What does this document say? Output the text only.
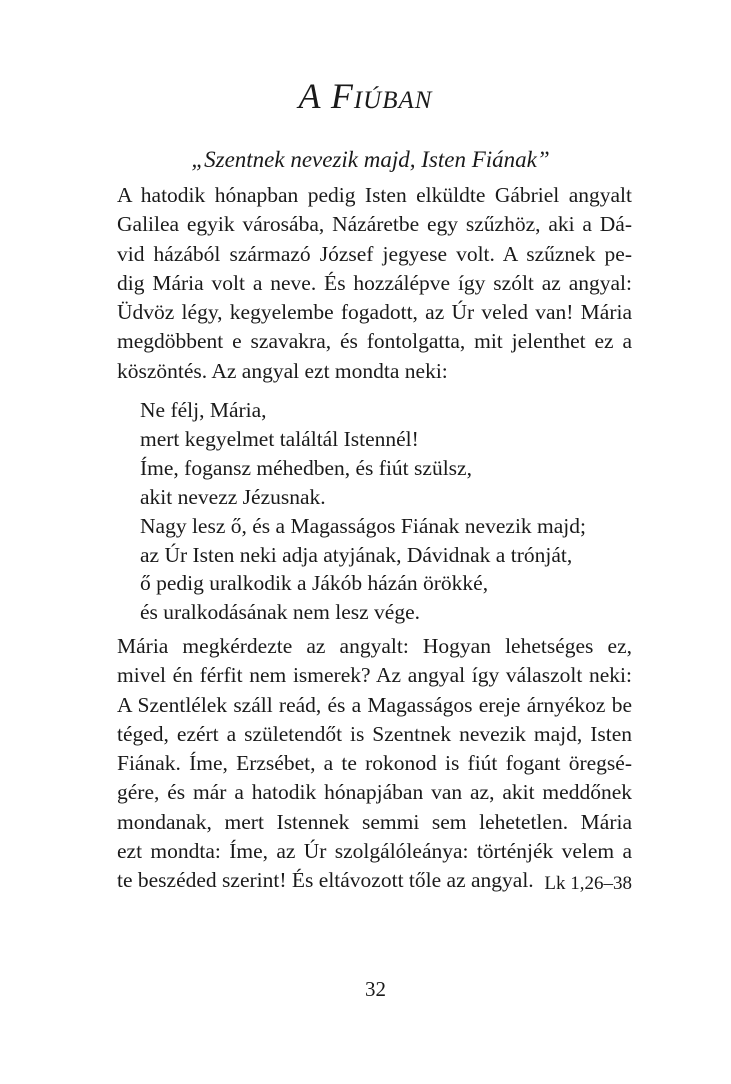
A Fiúban
„Szentnek nevezik majd, Isten Fiának”
A hatodik hónapban pedig Isten elküldte Gábriel angyalt
Galilea egyik városába, Názáretbe egy szűzhöz, aki a Dá-
vid házából származó József jegyese volt. A szűznek pe-
dig Mária volt a neve. És hozzálépve így szólt az angyal:
Üdvöz légy, kegyelembe fogadott, az Úr veled van! Mária
megdöbbent e szavakra, és fontolgatta, mit jelenthet ez a
köszöntés. Az angyal ezt mondta neki:
Ne félj, Mária,
mert kegyelmet találtál Istennél!
Íme, fogansz méhedben, és fiút szülsz,
akit nevezz Jézusnak.
Nagy lesz ő, és a Magasságos Fiának nevezik majd;
az Úr Isten neki adja atyjának, Dávidnak a trónját,
ő pedig uralkodik a Jákób házán örökké,
és uralkodásának nem lesz vége.
Mária megkérdezte az angyalt: Hogyan lehetséges ez,
mivel én férfit nem ismerek? Az angyal így válaszolt neki:
A Szentlélek száll reád, és a Magasságos ereje árnyékoz be
téged, ezért a születendőt is Szentnek nevezik majd, Isten
Fiának. Íme, Erzsébet, a te rokonod is fiút fogant öregsé-
gére, és már a hatodik hónapjában van az, akit meddőnek
mondanak, mert Istennek semmi sem lehetetlen. Mária
ezt mondta: Íme, az Úr szolgálóleánya: történjék velem a
te beszéded szerint! És eltávozott tőle az angyal. Lk 1,26–38
32
